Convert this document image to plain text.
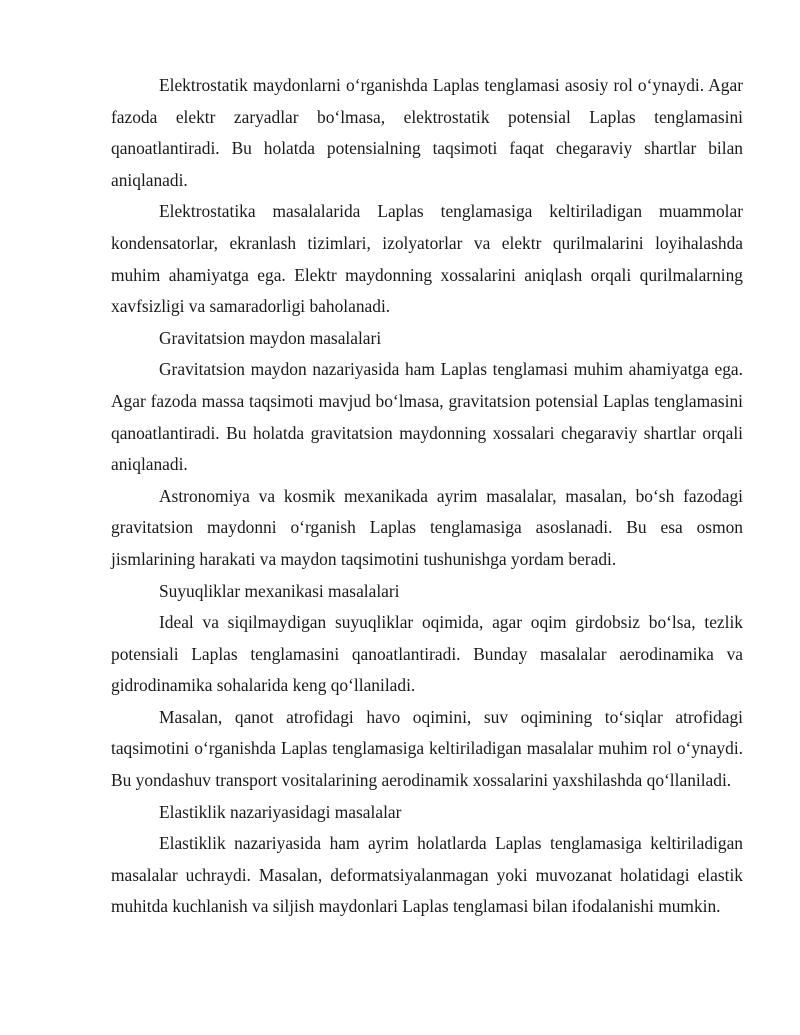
Elektrostatik maydonlarni o‘rganishda Laplas tenglamasi asosiy rol o‘ynaydi. Agar fazoda elektr zaryadlar bo‘lmasa, elektrostatik potensial Laplas tenglamasini qanoatlantiradi. Bu holatda potensialning taqsimoti faqat chegaraviy shartlar bilan aniqlanadi.

Elektrostatika masalalarida Laplas tenglamasiga keltiriladigan muammolar kondensatorlar, ekranlash tizimlari, izolyatorlar va elektr qurilmalarini loyihalashda muhim ahamiyatga ega. Elektr maydonning xossalarini aniqlash orqali qurilmalarning xavfsizligi va samaradorligi baholanadi.

Gravitatsion maydon masalalari

Gravitatsion maydon nazariyasida ham Laplas tenglamasi muhim ahamiyatga ega. Agar fazoda massa taqsimoti mavjud bo‘lmasa, gravitatsion potensial Laplas tenglamasini qanoatlantiradi. Bu holatda gravitatsion maydonning xossalari chegaraviy shartlar orqali aniqlanadi.

Astronomiya va kosmik mexanikada ayrim masalalar, masalan, bo‘sh fazodagi gravitatsion maydonni o‘rganish Laplas tenglamasiga asoslanadi. Bu esa osmon jismlarining harakati va maydon taqsimotini tushunishga yordam beradi.

Suyuqliklar mexanikasi masalalari

Ideal va siqilmaydigan suyuqliklar oqimida, agar oqim girdobsiz bo‘lsa, tezlik potensiali Laplas tenglamasini qanoatlantiradi. Bunday masalalar aerodinamika va gidrodinamika sohalarida keng qo‘llaniladi.

Masalan, qanot atrofidagi havo oqimini, suv oqimining to‘siqlar atrofidagi taqsimotini o‘rganishda Laplas tenglamasiga keltiriladigan masalalar muhim rol o‘ynaydi. Bu yondashuv transport vositalarining aerodinamik xossalarini yaxshilashda qo‘llaniladi.

Elastiklik nazariyasidagi masalalar

Elastiklik nazariyasida ham ayrim holatlarda Laplas tenglamasiga keltiriladigan masalalar uchraydi. Masalan, deformatsiyalanmagan yoki muvozanat holatidagi elastik muhitda kuchlanish va siljish maydonlari Laplas tenglamasi bilan ifodalanishi mumkin.
